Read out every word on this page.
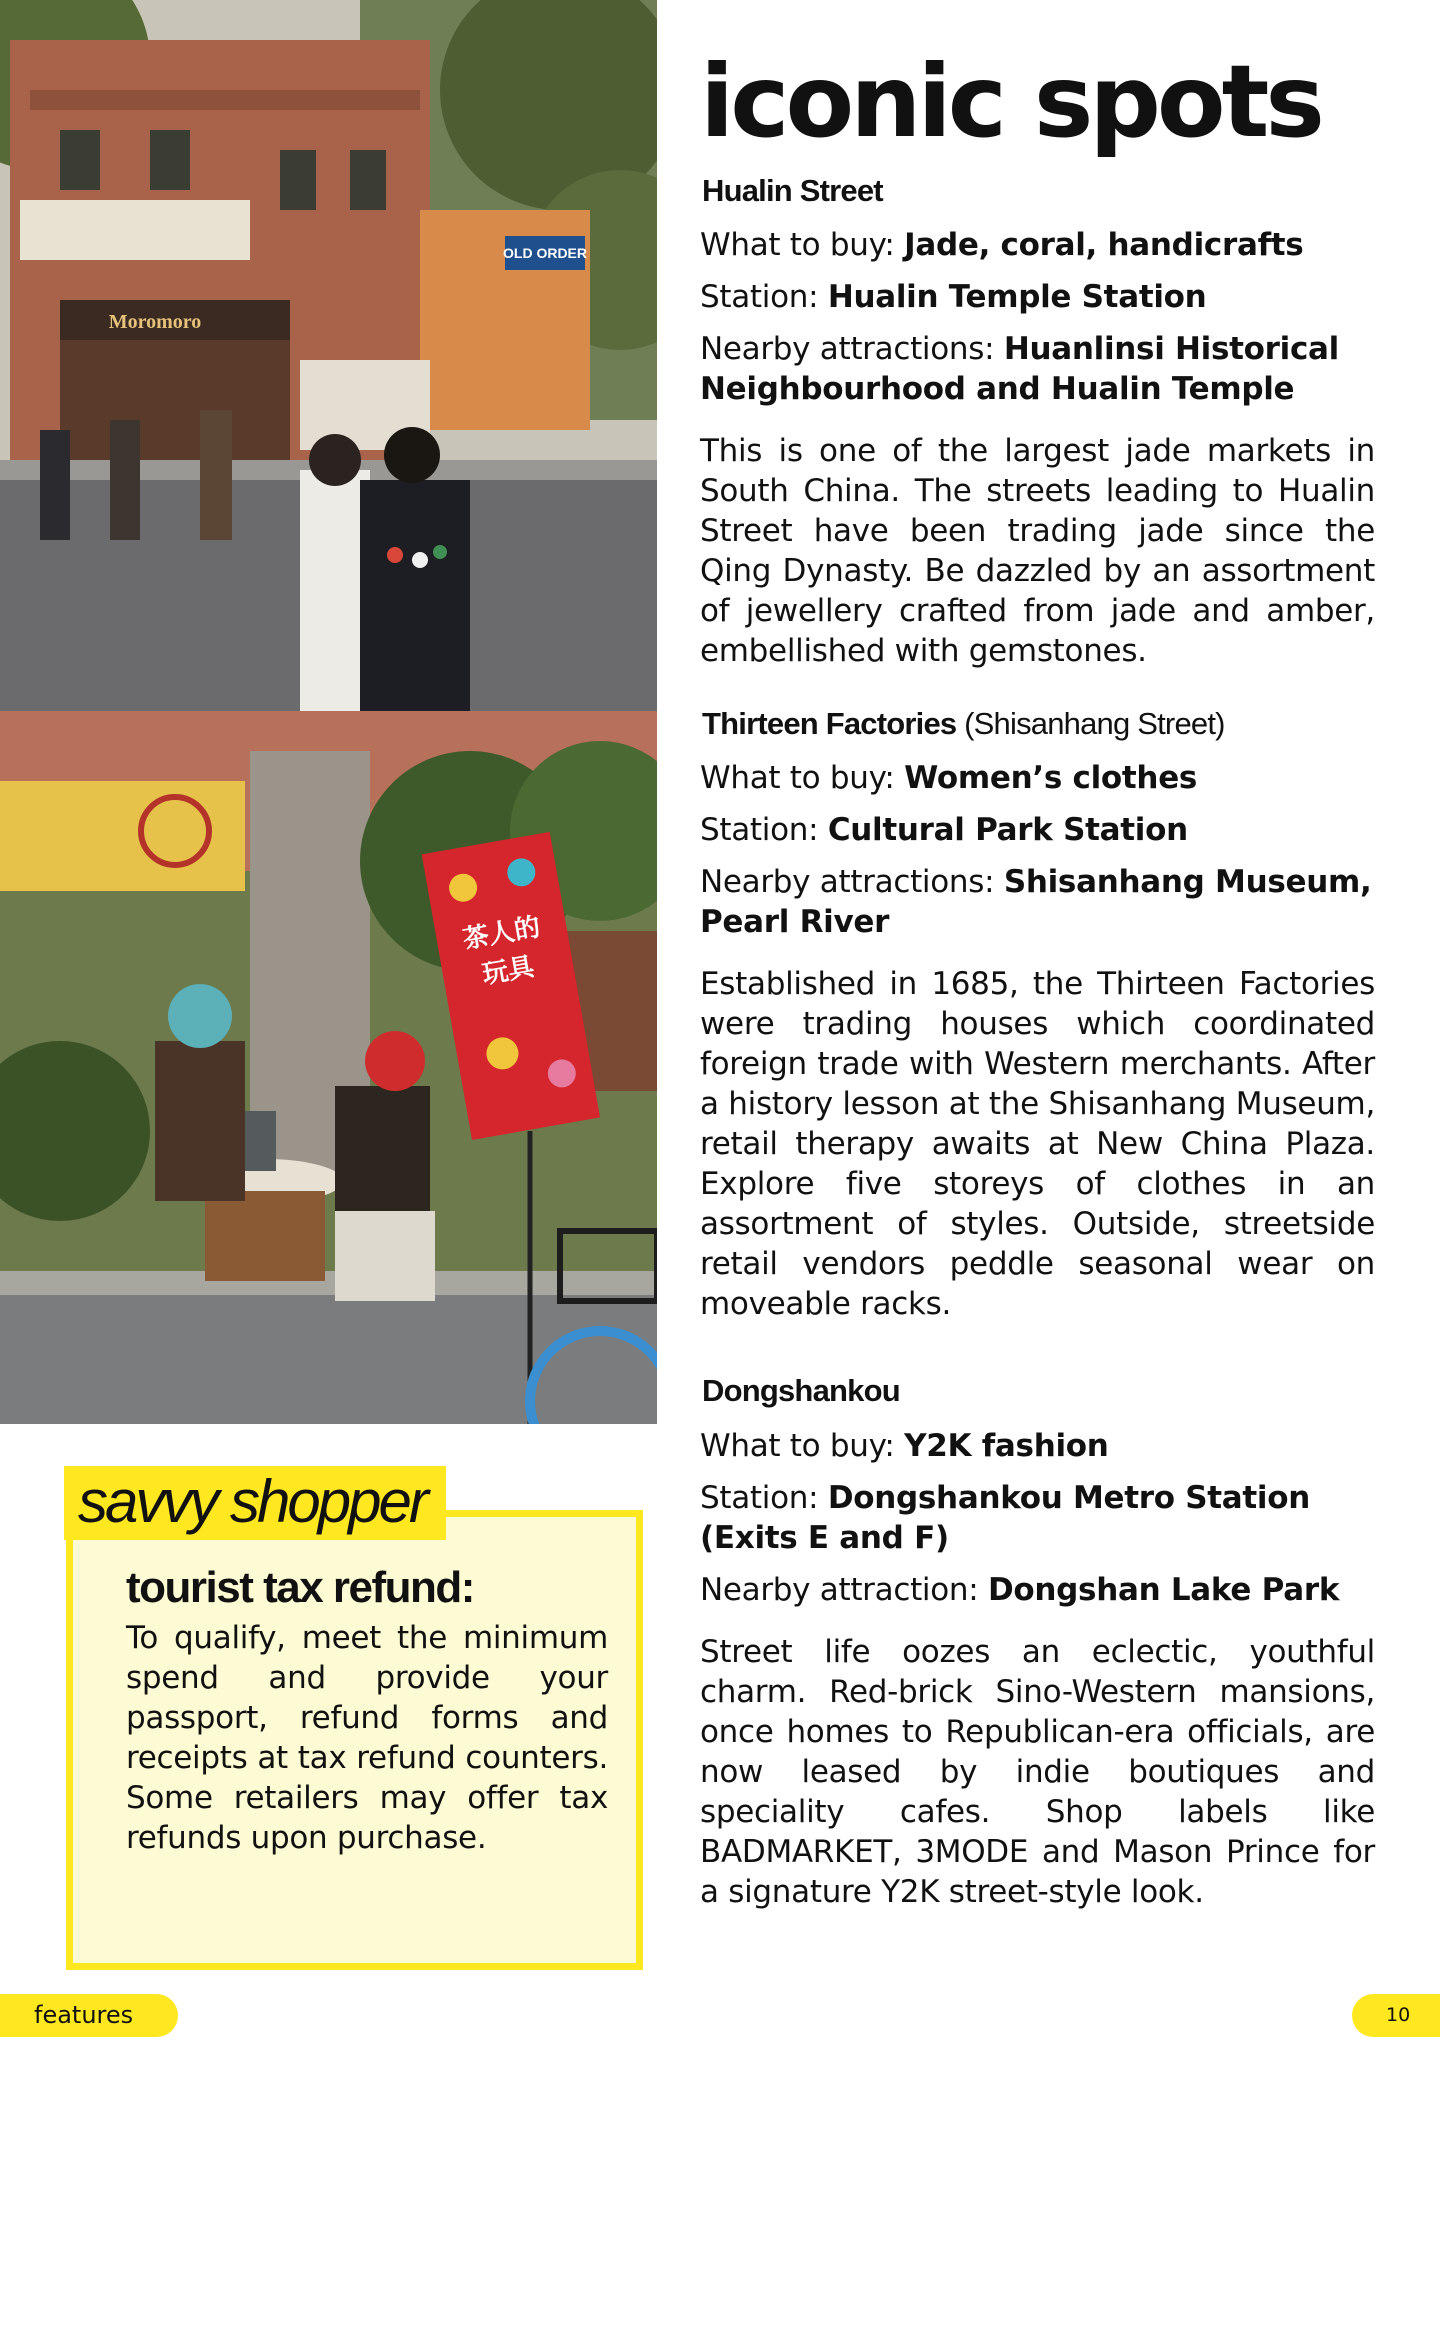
OLD ORDER
Moromoro
茶人的
玩具
iconic spots
Hualin Street

What to buy: Jade, coral, handicrafts

Station: Hualin Temple Station

Nearby attractions: Huanlinsi Historical Neighbourhood and Hualin Temple

This is one of the largest jade markets in South China. The streets leading to Hualin Street have been trading jade since the Qing Dynasty. Be dazzled by an assortment of jewellery crafted from jade and amber, embellished with gemstones.

Thirteen Factories (Shisanhang Street)

What to buy: Women’s clothes

Station: Cultural Park Station

Nearby attractions: Shisanhang Museum, Pearl River

Established in 1685, the Thirteen Factories were trading houses which coordinated foreign trade with Western merchants. After a history lesson at the Shisanhang Museum, retail therapy awaits at New China Plaza. Explore five storeys of clothes in an assortment of styles. Outside, streetside retail vendors peddle seasonal wear on moveable racks.

Dongshankou

What to buy: Y2K fashion

Station: Dongshankou Metro Station (Exits E and F)

Nearby attraction: Dongshan Lake Park

Street life oozes an eclectic, youthful charm. Red-brick Sino-Western mansions, once homes to Republican-era officials, are now leased by indie boutiques and speciality cafes. Shop labels like BADMARKET, 3MODE and Mason Prince for a signature Y2K street-style look.

savvy shopper
tourist tax refund:

To qualify, meet the minimum spend and provide your passport, refund forms and receipts at tax refund counters. Some retailers may offer tax refunds upon purchase.

features	10
